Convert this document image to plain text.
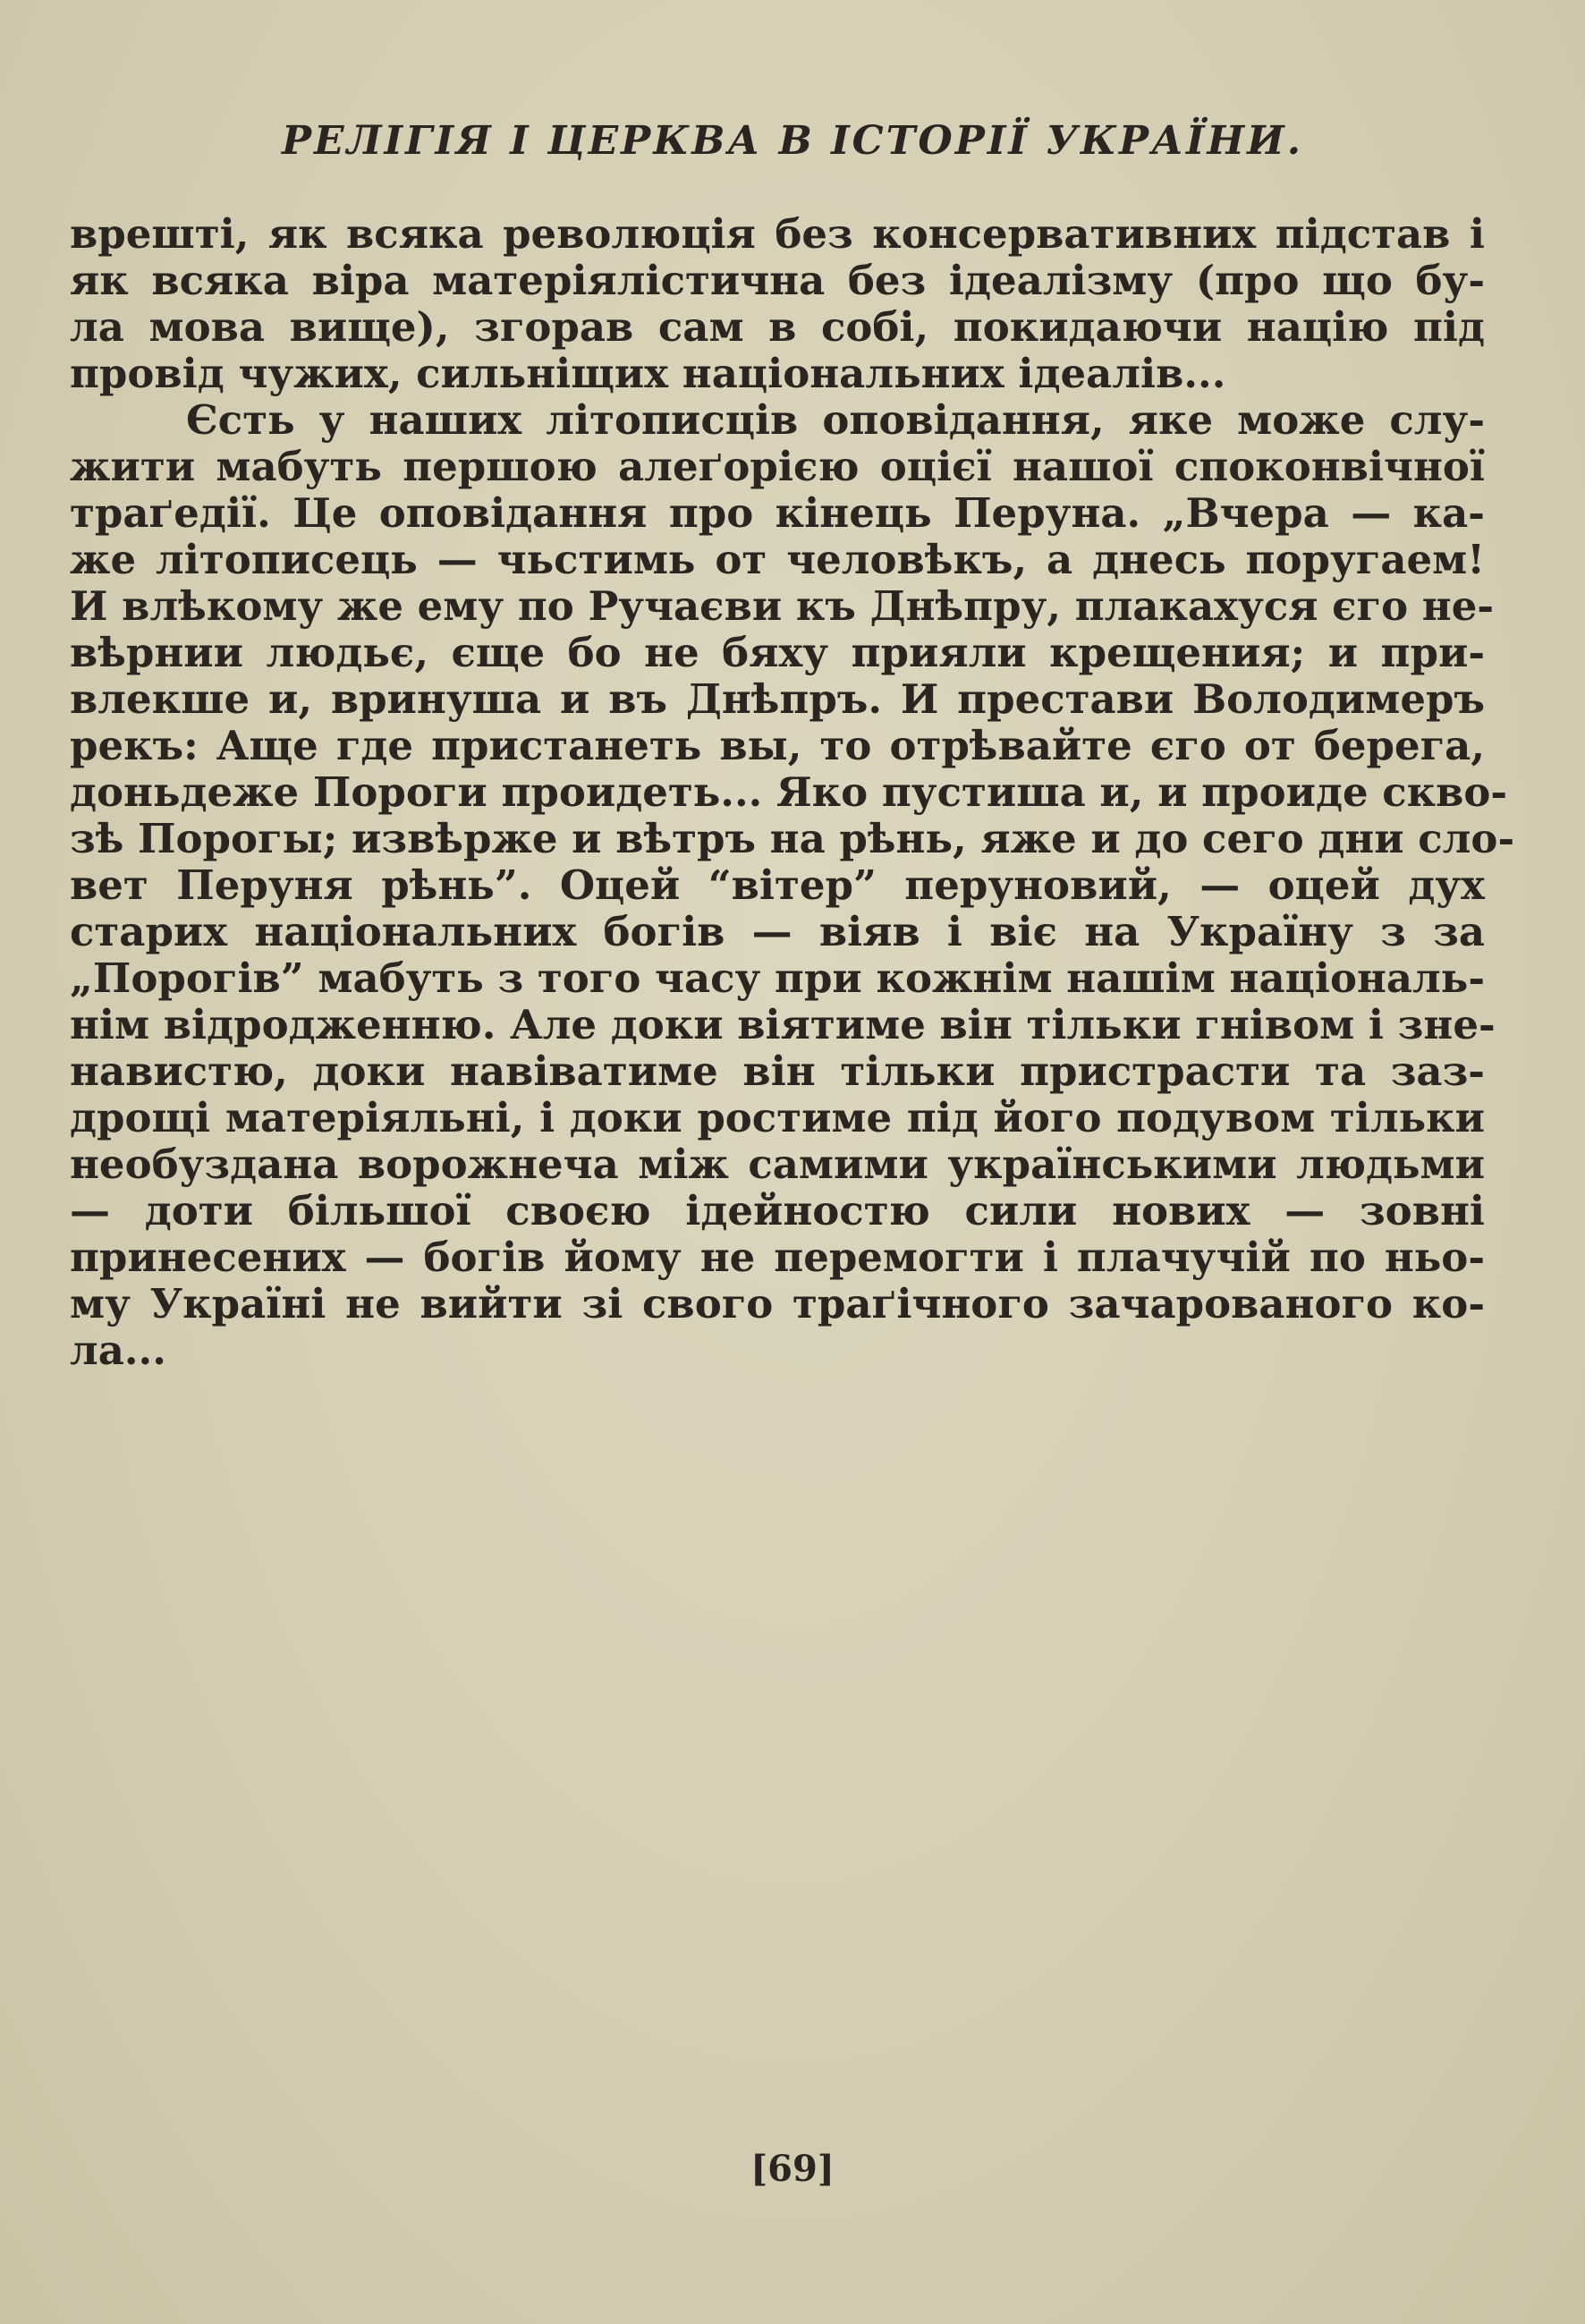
РЕЛІГІЯ І ЦЕРКВА В ІСТОРІЇ УКРАЇНИ.
врешті, як всяка революція без консервативних підстав і
як всяка віра матеріялістична без ідеалізму (про що бу-
ла мова вище), згорав сам в собі, покидаючи націю під
провід чужих, сильніщих національних ідеалів...
Єсть у наших літописців оповідання, яке може слу-
жити мабуть першою алеґорією оцієї нашої споконвічної
траґедії. Це оповідання про кінець Перуна. „Вчера — ка-
же літописець — чьстимь от человѣкъ, а днесь поругаем!
И влѣкому же ему по Ручаєви къ Днѣпру, плакахуся єго не-
вѣрнии людьє, єще бо не бяху прияли крещения; и при-
влекше и, вринуша и въ Днѣпръ. И престави Володимеръ
рекъ: Аще где пристанеть вы, то отрѣвайте єго от берега,
доньдеже Пороги проидеть... Яко пустиша и, и проиде скво-
зѣ Порогы; извѣрже и вѣтръ на рѣнь, яже и до сего дни сло-
вет Перуня рѣнь”. Оцей “вітер” перуновий, — оцей дух
старих національних богів — віяв і віє на Україну з за
„Порогів” мабуть з того часу при кожнім нашім національ-
нім відродженню. Але доки віятиме він тільки гнівом і зне-
навистю, доки навіватиме він тільки пристрасти та заз-
дрощі матеріяльні, і доки ростиме під його подувом тільки
необуздана ворожнеча між самими українськими людьми
— доти більшої своєю ідейностю сили нових — зовні
принесених — богів йому не перемогти і плачучій по ньо-
му Україні не вийти зі свого траґічного зачарованого ко-
ла...
[69]
